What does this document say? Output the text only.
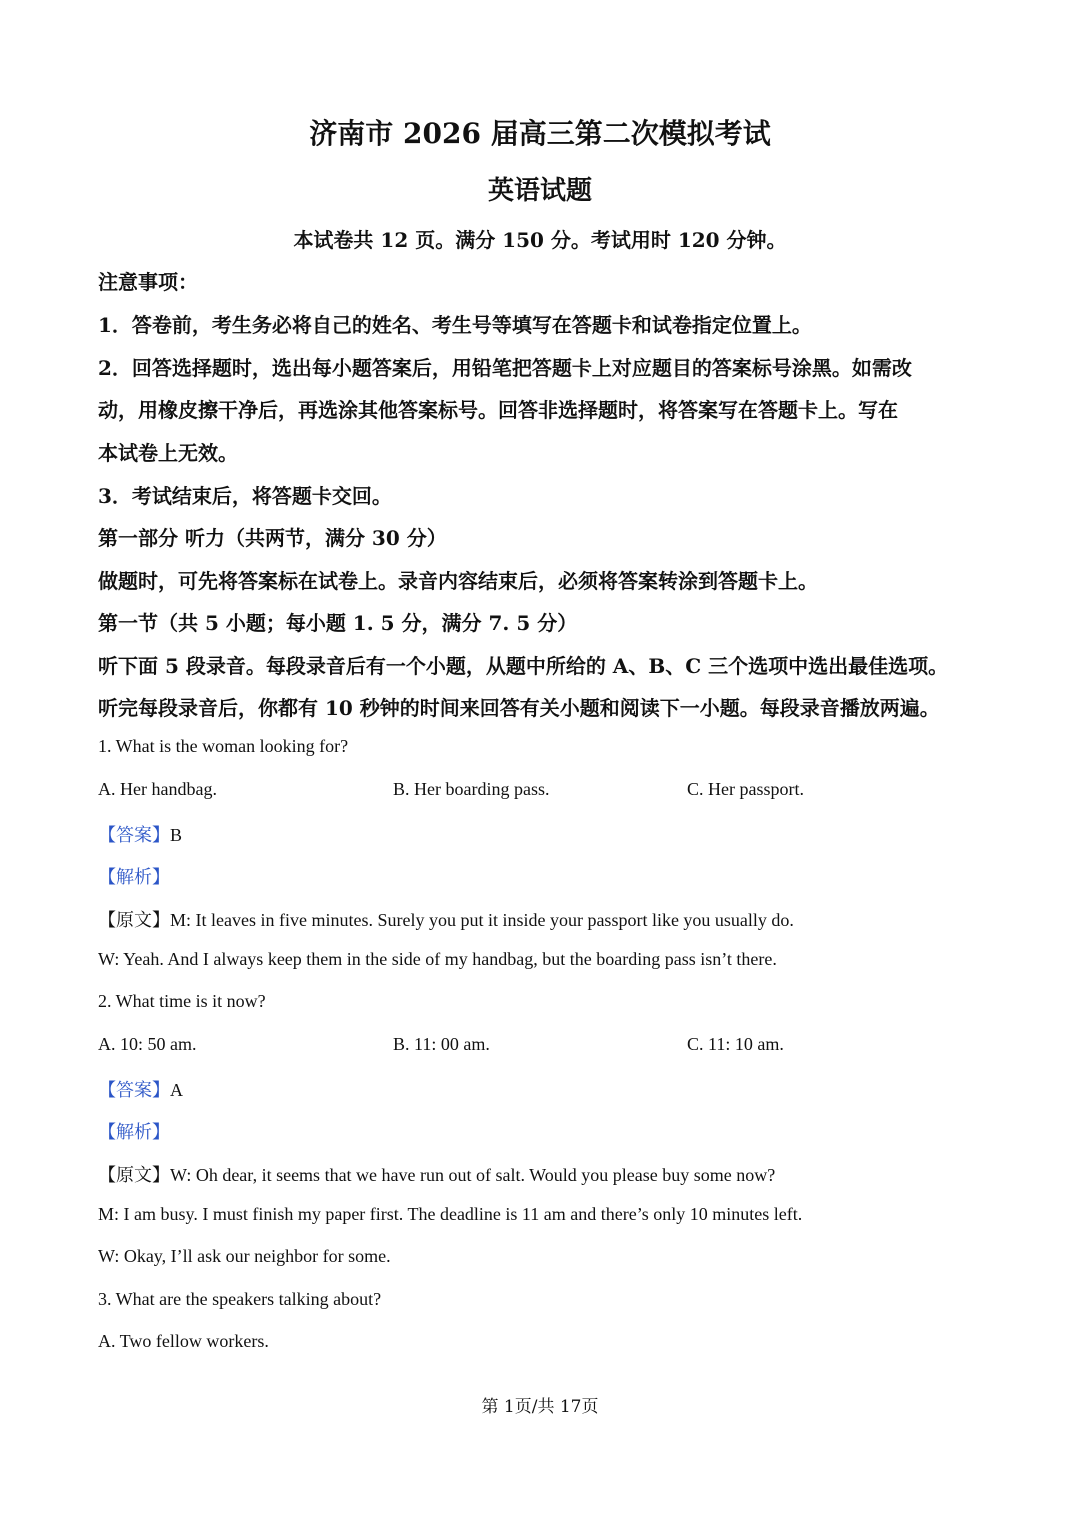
济南市 2026 届高三第二次模拟考试
英语试题
本试卷共 12 页。满分 150 分。考试用时 120 分钟。
注意事项：
1．答卷前，考生务必将自己的姓名、考生号等填写在答题卡和试卷指定位置上。
2．回答选择题时，选出每小题答案后，用铅笔把答题卡上对应题目的答案标号涂黑。如需改
动，用橡皮擦干净后，再选涂其他答案标号。回答非选择题时，将答案写在答题卡上。写在
本试卷上无效。
3．考试结束后，将答题卡交回。
第一部分 听力（共两节，满分 30 分）
做题时，可先将答案标在试卷上。录音内容结束后，必须将答案转涂到答题卡上。
第一节（共 5 小题；每小题 1. 5 分，满分 7. 5 分）
听下面 5 段录音。每段录音后有一个小题，从题中所给的 A、B、C 三个选项中选出最佳选项。
听完每段录音后，你都有 10 秒钟的时间来回答有关小题和阅读下一小题。每段录音播放两遍。
1. What is the woman looking for?
A. Her handbag.	B. Her boarding pass.	C. Her passport.
【答案】B
【解析】
【原文】M: It leaves in five minutes. Surely you put it inside your passport like you usually do.
W: Yeah. And I always keep them in the side of my handbag, but the boarding pass isn’t there.
2. What time is it now?
A. 10: 50 am.	B. 11: 00 am.	C. 11: 10 am.
【答案】A
【解析】
【原文】W: Oh dear, it seems that we have run out of salt. Would you please buy some now?
M: I am busy. I must finish my paper first. The deadline is 11 am and there’s only 10 minutes left.
W: Okay, I’ll ask our neighbor for some.
3. What are the speakers talking about?
A. Two fellow workers.
第 1页/共 17页
